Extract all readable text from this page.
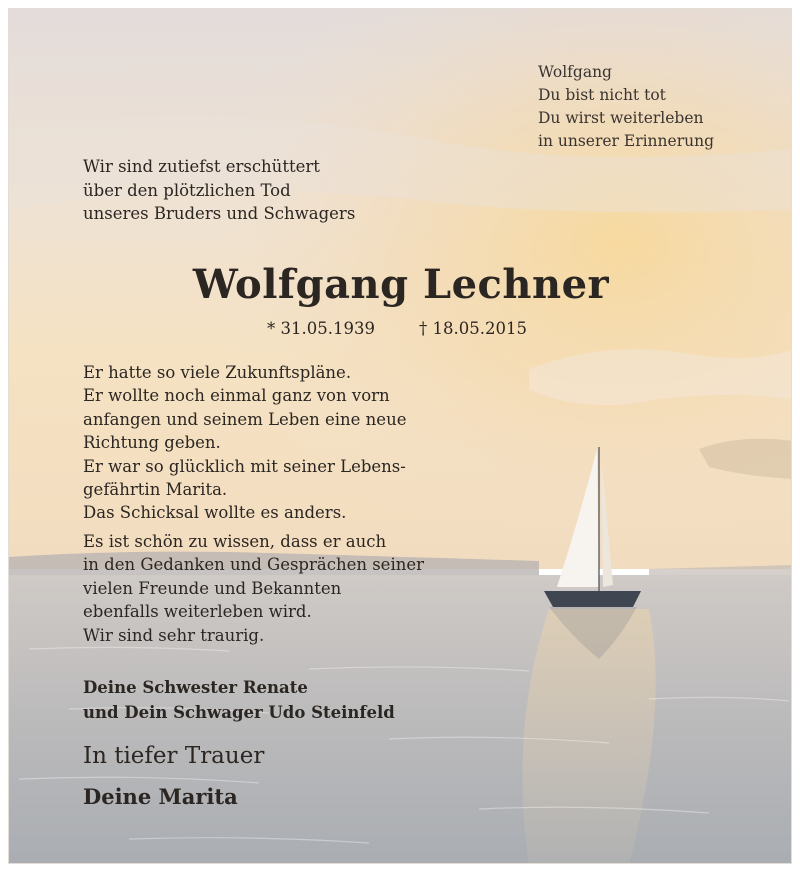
Wolfgang
Du bist nicht tot
Du wirst weiterleben
in unserer Erinnerung
Wir sind zutiefst erschüttert
über den plötzlichen Tod
unseres Bruders und Schwagers
Wolfgang Lechner
* 31.05.1939	† 18.05.2015
Er hatte so viele Zukunftspläne.
Er wollte noch einmal ganz von vorn
anfangen und seinem Leben eine neue
Richtung geben.
Er war so glücklich mit seiner Lebens-
gefährtin Marita.
Das Schicksal wollte es anders.
Es ist schön zu wissen, dass er auch
in den Gedanken und Gesprächen seiner
vielen Freunde und Bekannten
ebenfalls weiterleben wird.
Wir sind sehr traurig.
Deine Schwester Renate
und Dein Schwager Udo Steinfeld
In tiefer Trauer
Deine Marita
